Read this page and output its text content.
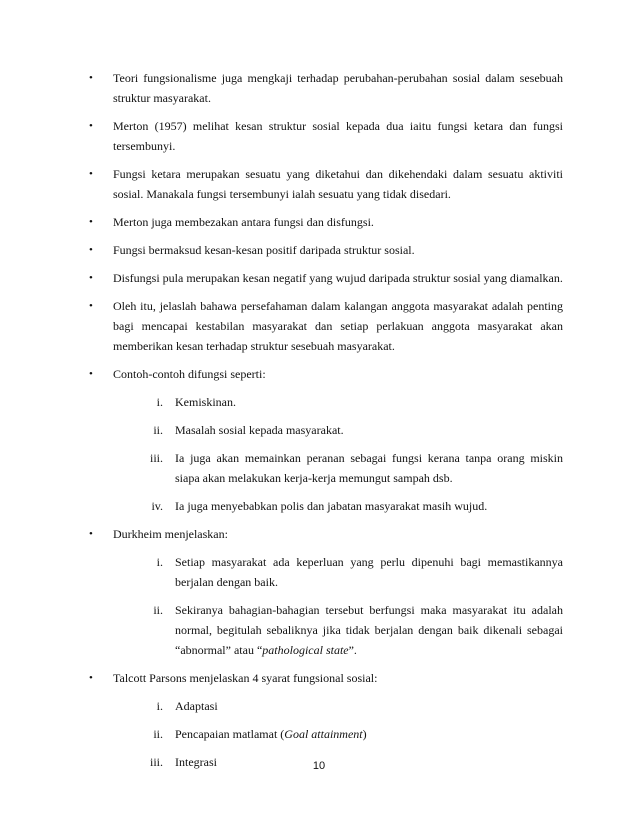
• Teori fungsionalisme juga mengkaji terhadap perubahan-perubahan sosial dalam sesebuah struktur masyarakat.
• Merton (1957) melihat kesan struktur sosial kepada dua iaitu fungsi ketara dan fungsi tersembunyi.
• Fungsi ketara merupakan sesuatu yang diketahui dan dikehendaki dalam sesuatu aktiviti sosial. Manakala fungsi tersembunyi ialah sesuatu yang tidak disedari.
• Merton juga membezakan antara fungsi dan disfungsi.
• Fungsi bermaksud kesan-kesan positif daripada struktur sosial.
• Disfungsi pula merupakan kesan negatif yang wujud daripada struktur sosial yang diamalkan.
• Oleh itu, jelaslah bahawa persefahaman dalam kalangan anggota masyarakat adalah penting bagi mencapai kestabilan masyarakat dan setiap perlakuan anggota masyarakat akan memberikan kesan terhadap struktur sesebuah masyarakat.
• Contoh-contoh difungsi seperti:
i. Kemiskinan.
ii. Masalah sosial kepada masyarakat.
iii. Ia juga akan memainkan peranan sebagai fungsi kerana tanpa orang miskin siapa akan melakukan kerja-kerja memungut sampah dsb.
iv. Ia juga menyebabkan polis dan jabatan masyarakat masih wujud.
• Durkheim menjelaskan:
i. Setiap masyarakat ada keperluan yang perlu dipenuhi bagi memastikannya berjalan dengan baik.
ii. Sekiranya bahagian-bahagian tersebut berfungsi maka masyarakat itu adalah normal, begitulah sebaliknya jika tidak berjalan dengan baik dikenali sebagai “abnormal” atau “pathological state”.
• Talcott Parsons menjelaskan 4 syarat fungsional sosial:
i. Adaptasi
ii. Pencapaian matlamat (Goal attainment)
iii. Integrasi	10
